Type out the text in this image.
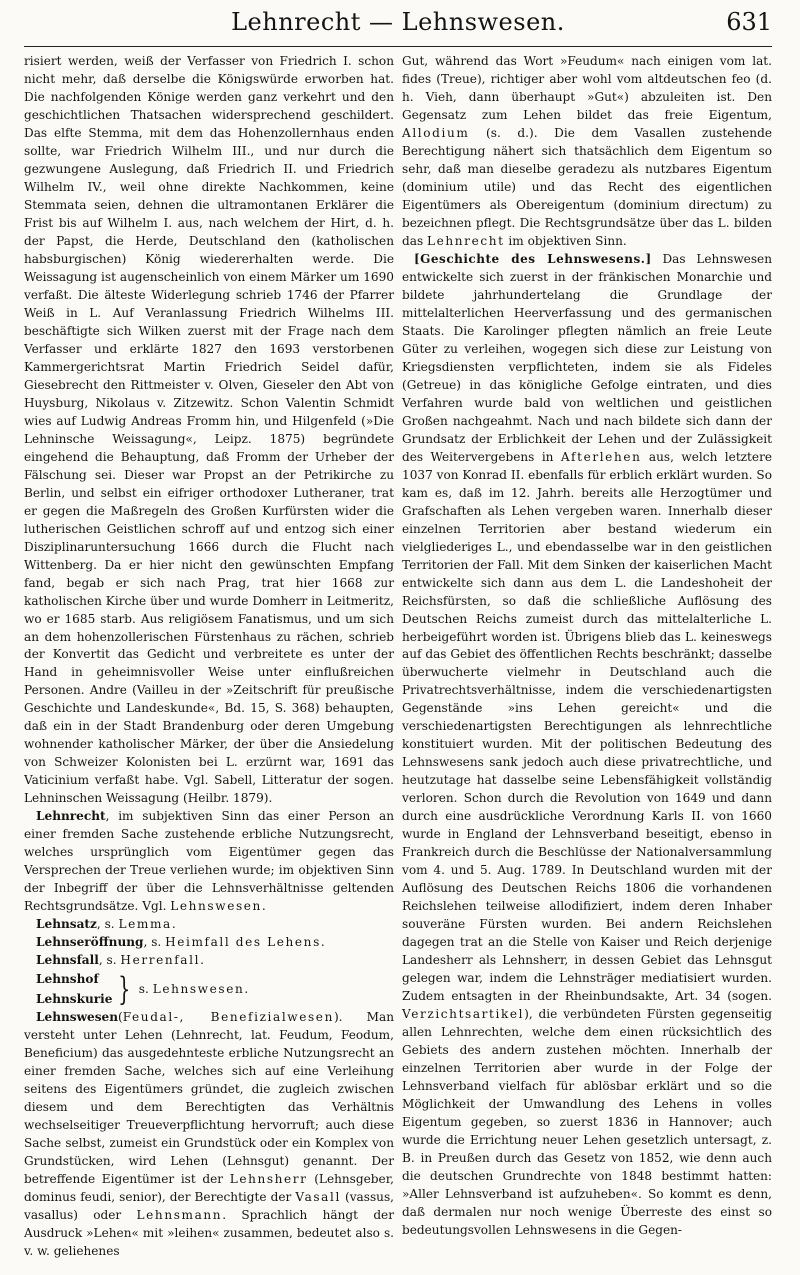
Lehnrecht — Lehnswesen.	631

risiert werden, weiß der Verfasser von Friedrich I. schon nicht mehr, daß derselbe die Königswürde erworben hat. Die nachfolgenden Könige werden ganz verkehrt und den geschichtlichen Thatsachen widersprechend geschildert. Das elfte Stemma, mit dem das Hohenzollernhaus enden sollte, war Friedrich Wilhelm III., und nur durch die gezwungene Auslegung, daß Friedrich II. und Friedrich Wilhelm IV., weil ohne direkte Nachkommen, keine Stemmata seien, dehnen die ultramontanen Erklärer die Frist bis auf Wilhelm I. aus, nach welchem der Hirt, d. h. der Papst, die Herde, Deutschland den (katholischen habsburgischen) König wiedererhalten werde. Die Weissagung ist augenscheinlich von einem Märker um 1690 verfaßt. Die älteste Widerlegung schrieb 1746 der Pfarrer Weiß in L. Auf Veranlassung Friedrich Wilhelms III. beschäftigte sich Wilken zuerst mit der Frage nach dem Verfasser und erklärte 1827 den 1693 verstorbenen Kammergerichtsrat Martin Friedrich Seidel dafür, Giesebrecht den Rittmeister v. Olven, Gieseler den Abt von Huysburg, Nikolaus v. Zitzewitz. Schon Valentin Schmidt wies auf Ludwig Andreas Fromm hin, und Hilgenfeld (»Die Lehninsche Weissagung«, Leipz. 1875) begründete eingehend die Behauptung, daß Fromm der Urheber der Fälschung sei. Dieser war Propst an der Petrikirche zu Berlin, und selbst ein eifriger orthodoxer Lutheraner, trat er gegen die Maßregeln des Großen Kurfürsten wider die lutherischen Geistlichen schroff auf und entzog sich einer Disziplinaruntersuchung 1666 durch die Flucht nach Wittenberg. Da er hier nicht den gewünschten Empfang fand, begab er sich nach Prag, trat hier 1668 zur katholischen Kirche über und wurde Domherr in Leitmeritz, wo er 1685 starb. Aus religiösem Fanatismus, und um sich an dem hohenzollerischen Fürstenhaus zu rächen, schrieb der Konvertit das Gedicht und verbreitete es unter der Hand in geheimnisvoller Weise unter einflußreichen Personen. Andre (Vailleu in der »Zeitschrift für preußische Geschichte und Landeskunde«, Bd. 15, S. 368) behaupten, daß ein in der Stadt Brandenburg oder deren Umgebung wohnender katholischer Märker, der über die Ansiedelung von Schweizer Kolonisten bei L. erzürnt war, 1691 das Vaticinium verfaßt habe. Vgl. Sabell, Litteratur der sogen. Lehninschen Weissagung (Heilbr. 1879).

Lehnrecht, im subjektiven Sinn das einer Person an einer fremden Sache zustehende erbliche Nutzungsrecht, welches ursprünglich vom Eigentümer gegen das Versprechen der Treue verliehen wurde; im objektiven Sinn der Inbegriff der über die Lehnsverhältnisse geltenden Rechtsgrundsätze. Vgl. Lehnswesen.

Lehnsatz, s. Lemma.

Lehnseröffnung, s. Heimfall des Lehens.

Lehnsfall, s. Herrenfall.

Lehnshof
Lehnskurie } s. Lehnswesen.

Lehnswesen(Feudal-, Benefizialwesen). Man versteht unter Lehen (Lehnrecht, lat. Feudum, Feodum, Beneficium) das ausgedehnteste erbliche Nutzungsrecht an einer fremden Sache, welches sich auf eine Verleihung seitens des Eigentümers gründet, die zugleich zwischen diesem und dem Berechtigten das Verhältnis wechselseitiger Treueverpflichtung hervorruft; auch diese Sache selbst, zumeist ein Grundstück oder ein Komplex von Grundstücken, wird Lehen (Lehnsgut) genannt. Der betreffende Eigentümer ist der Lehnsherr (Lehnsgeber, dominus feudi, senior), der Berechtigte der Vasall (vassus, vasallus) oder Lehnsmann. Sprachlich hängt der Ausdruck »Lehen« mit »leihen« zusammen, bedeutet also s. v. w. geliehenes

Gut, während das Wort »Feudum« nach einigen vom lat. fides (Treue), richtiger aber wohl vom altdeutschen feo (d. h. Vieh, dann überhaupt »Gut«) abzuleiten ist. Den Gegensatz zum Lehen bildet das freie Eigentum, Allodium (s. d.). Die dem Vasallen zustehende Berechtigung nähert sich thatsächlich dem Eigentum so sehr, daß man dieselbe geradezu als nutzbares Eigentum (dominium utile) und das Recht des eigentlichen Eigentümers als Obereigentum (dominium directum) zu bezeichnen pflegt. Die Rechtsgrundsätze über das L. bilden das Lehnrecht im objektiven Sinn.

[Geschichte des Lehnswesens.] Das Lehnswesen entwickelte sich zuerst in der fränkischen Monarchie und bildete jahrhundertelang die Grundlage der mittelalterlichen Heerverfassung und des germanischen Staats. Die Karolinger pflegten nämlich an freie Leute Güter zu verleihen, wogegen sich diese zur Leistung von Kriegsdiensten verpflichteten, indem sie als Fideles (Getreue) in das königliche Gefolge eintraten, und dies Verfahren wurde bald von weltlichen und geistlichen Großen nachgeahmt. Nach und nach bildete sich dann der Grundsatz der Erblichkeit der Lehen und der Zulässigkeit des Weitervergebens in Afterlehen aus, welch letztere 1037 von Konrad II. ebenfalls für erblich erklärt wurden. So kam es, daß im 12. Jahrh. bereits alle Herzogtümer und Grafschaften als Lehen vergeben waren. Innerhalb dieser einzelnen Territorien aber bestand wiederum ein vielgliederiges L., und ebendasselbe war in den geistlichen Territorien der Fall. Mit dem Sinken der kaiserlichen Macht entwickelte sich dann aus dem L. die Landeshoheit der Reichsfürsten, so daß die schließliche Auflösung des Deutschen Reichs zumeist durch das mittelalterliche L. herbeigeführt worden ist. Übrigens blieb das L. keineswegs auf das Gebiet des öffentlichen Rechts beschränkt; dasselbe überwucherte vielmehr in Deutschland auch die Privatrechtsverhältnisse, indem die verschiedenartigsten Gegenstände »ins Lehen gereicht« und die verschiedenartigsten Berechtigungen als lehnrechtliche konstituiert wurden. Mit der politischen Bedeutung des Lehnswesens sank jedoch auch diese privatrechtliche, und heutzutage hat dasselbe seine Lebensfähigkeit vollständig verloren. Schon durch die Revolution von 1649 und dann durch eine ausdrückliche Verordnung Karls II. von 1660 wurde in England der Lehnsverband beseitigt, ebenso in Frankreich durch die Beschlüsse der Nationalversammlung vom 4. und 5. Aug. 1789. In Deutschland wurden mit der Auflösung des Deutschen Reichs 1806 die vorhandenen Reichslehen teilweise allodifiziert, indem deren Inhaber souveräne Fürsten wurden. Bei andern Reichslehen dagegen trat an die Stelle von Kaiser und Reich derjenige Landesherr als Lehnsherr, in dessen Gebiet das Lehnsgut gelegen war, indem die Lehnsträger mediatisiert wurden. Zudem entsagten in der Rheinbundsakte, Art. 34 (sogen. Verzichtsartikel), die verbündeten Fürsten gegenseitig allen Lehnrechten, welche dem einen rücksichtlich des Gebiets des andern zustehen möchten. Innerhalb der einzelnen Territorien aber wurde in der Folge der Lehnsverband vielfach für ablösbar erklärt und so die Möglichkeit der Umwandlung des Lehens in volles Eigentum gegeben, so zuerst 1836 in Hannover; auch wurde die Errichtung neuer Lehen gesetzlich untersagt, z. B. in Preußen durch das Gesetz von 1852, wie denn auch die deutschen Grundrechte von 1848 bestimmt hatten: »Aller Lehnsverband ist aufzuheben«. So kommt es denn, daß dermalen nur noch wenige Überreste des einst so bedeutungsvollen Lehnswesens in die Gegen-
